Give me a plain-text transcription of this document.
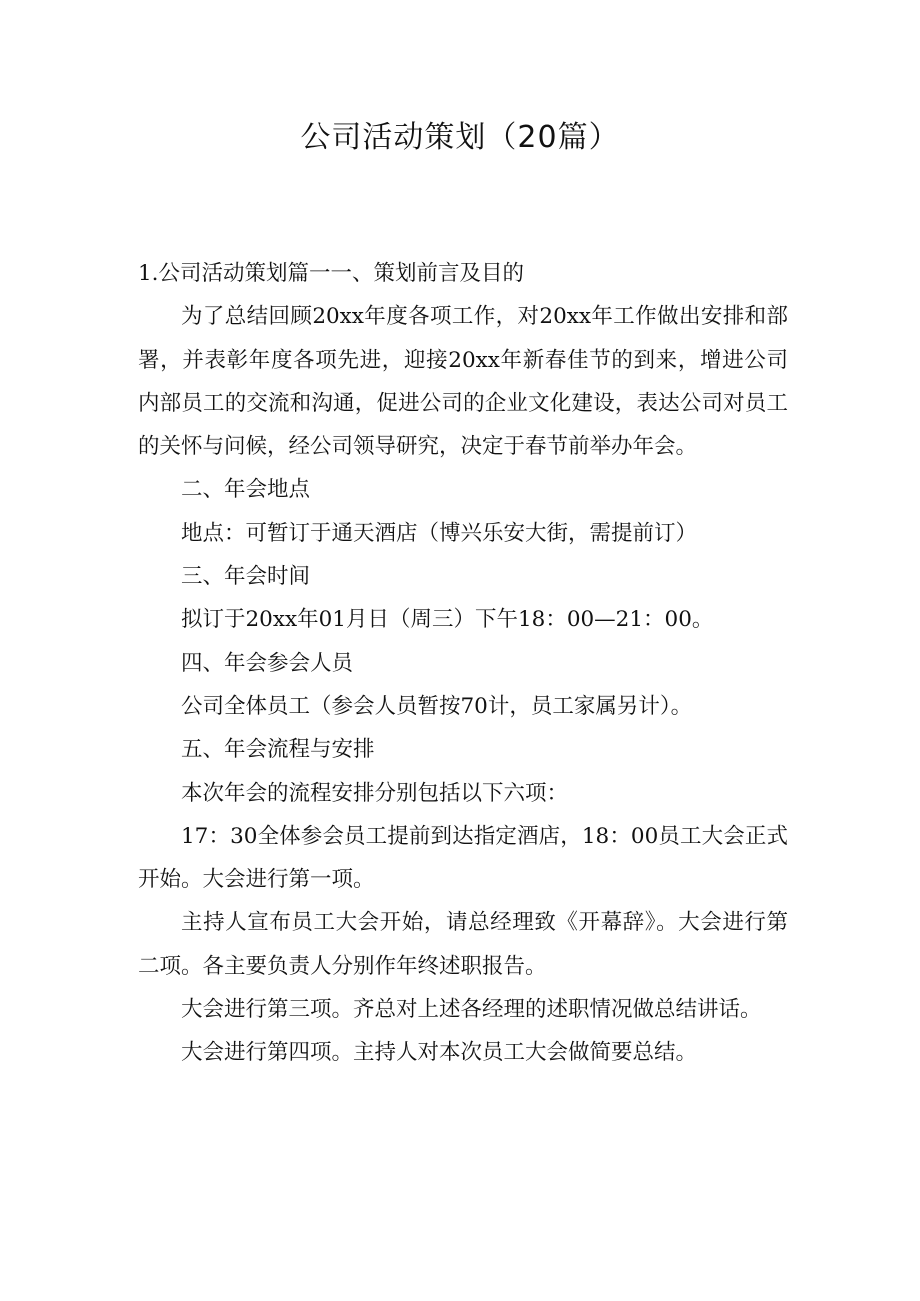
公司活动策划（20篇）

1.公司活动策划篇一一、策划前言及目的

为了总结回顾20xx年度各项工作，对20xx年工作做出安排和部署，并表彰年度各项先进，迎接20xx年新春佳节的到来，增进公司内部员工的交流和沟通，促进公司的企业文化建设，表达公司对员工的关怀与问候，经公司领导研究，决定于春节前举办年会。

二、年会地点

地点：可暂订于通天酒店（博兴乐安大街，需提前订）

三、年会时间

拟订于20xx年01月日（周三）下午18：00—21：00。

四、年会参会人员

公司全体员工（参会人员暂按70计，员工家属另计）。

五、年会流程与安排

本次年会的流程安排分别包括以下六项：

17：30全体参会员工提前到达指定酒店，18：00员工大会正式开始。大会进行第一项。

主持人宣布员工大会开始，请总经理致《开幕辞》。大会进行第二项。各主要负责人分别作年终述职报告。

大会进行第三项。齐总对上述各经理的述职情况做总结讲话。

大会进行第四项。主持人对本次员工大会做简要总结。
